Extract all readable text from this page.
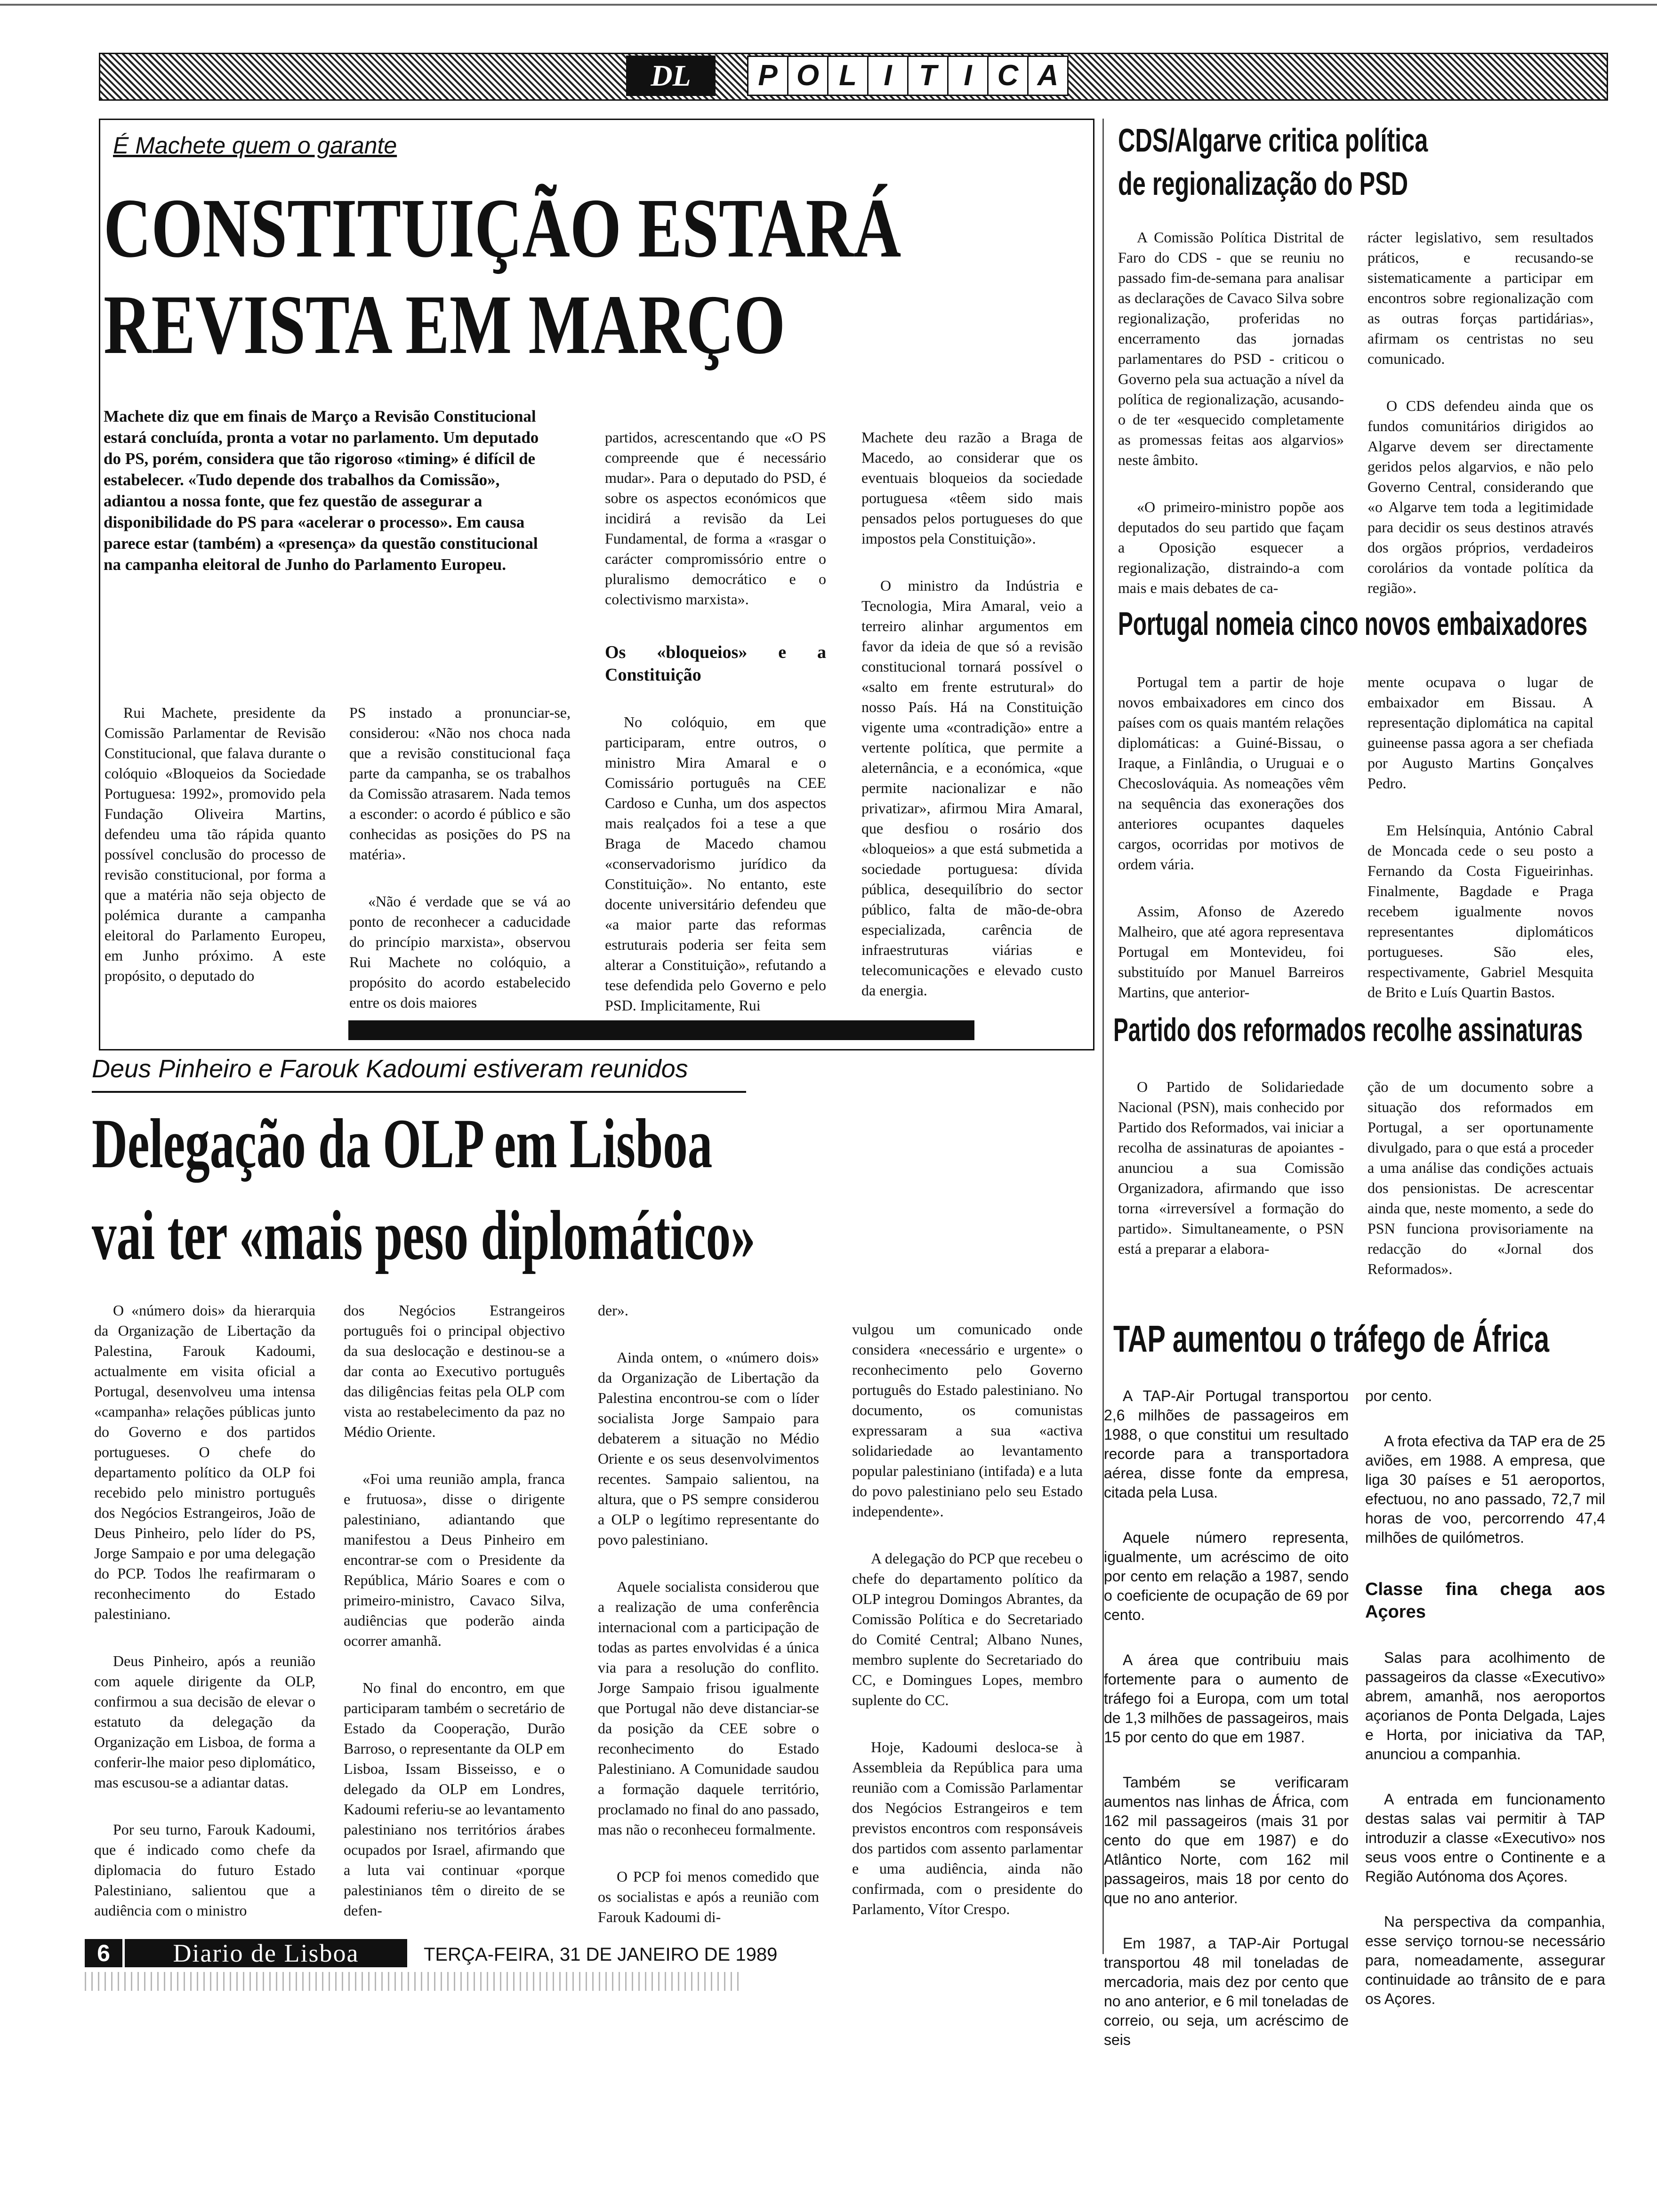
DL	P O L I T I C A
É Machete quem o garante
CONSTITUIÇÃO ESTARÁ
REVISTA EM MARÇO
Machete diz que em finais de Março a Revisão Constitucional estará concluída, pronta a votar no parlamento. Um deputado do PS, porém, considera que tão rigoroso «timing» é difícil de estabelecer. «Tudo depende dos trabalhos da Comissão», adiantou a nossa fonte, que fez questão de assegurar a disponibilidade do PS para «acelerar o processo». Em causa parece estar (também) a «presença» da questão constitucional na campanha eleitoral de Junho do Parlamento Europeu.

Rui Machete, presidente da Comissão Parlamentar de Revisão Constitucional, que falava durante o colóquio «Bloqueios da Sociedade Portuguesa: 1992», promovido pela Fundação Oliveira Martins, defendeu uma tão rápida quanto possível conclusão do processo de revisão constitucional, por forma a que a matéria não seja objecto de polémica durante a campanha eleitoral do Parlamento Europeu, em Junho próximo. A este propósito, o deputado do

PS instado a pronunciar-se, considerou: «Não nos choca nada que a revisão constitucional faça parte da campanha, se os trabalhos da Comissão atrasarem. Nada temos a esconder: o acordo é público e são conhecidas as posições do PS na matéria».

«Não é verdade que se vá ao ponto de reconhecer a caducidade do princípio marxista», observou Rui Machete no colóquio, a propósito do acordo estabelecido entre os dois maiores

partidos, acrescentando que «O PS compreende que é necessário mudar». Para o deputado do PSD, é sobre os aspectos económicos que incidirá a revisão da Lei Fundamental, de forma a «rasgar o carácter compromissório entre o pluralismo democrático e o colectivismo marxista».

Os «bloqueios» e a Constituição

No colóquio, em que participaram, entre outros, o ministro Mira Amaral e o Comissário português na CEE Cardoso e Cunha, um dos aspectos mais realçados foi a tese a que Braga de Macedo chamou «conservadorismo jurídico da Constituição». No entanto, este docente universitário defendeu que «a maior parte das reformas estruturais poderia ser feita sem alterar a Constituição», refutando a tese defendida pelo Governo e pelo PSD. Implicitamente, Rui

Machete deu razão a Braga de Macedo, ao considerar que os eventuais bloqueios da sociedade portuguesa «têem sido mais pensados pelos portugueses do que impostos pela Constituição».

O ministro da Indústria e Tecnologia, Mira Amaral, veio a terreiro alinhar argumentos em favor da ideia de que só a revisão constitucional tornará possível o «salto em frente estrutural» do nosso País. Há na Constituição vigente uma «contradição» entre a vertente política, que permite a aleternância, e a económica, «que permite nacionalizar e não privatizar», afirmou Mira Amaral, que desfiou o rosário dos «bloqueios» a que está submetida a sociedade portuguesa: dívida pública, desequilíbrio do sector público, falta de mão-de-obra especializada, carência de infraestruturas viárias e telecomunicações e elevado custo da energia.

Deus Pinheiro e Farouk Kadoumi estiveram reunidos
Delegação da OLP em Lisboa
vai ter «mais peso diplomático»

O «número dois» da hierarquia da Organização de Libertação da Palestina, Farouk Kadoumi, actualmente em visita oficial a Portugal, desenvolveu uma intensa «campanha» relações públicas junto do Governo e dos partidos portugueses. O chefe do departamento político da OLP foi recebido pelo ministro português dos Negócios Estrangeiros, João de Deus Pinheiro, pelo líder do PS, Jorge Sampaio e por uma delegação do PCP. Todos lhe reafirmaram o reconhecimento do Estado palestiniano.

Deus Pinheiro, após a reunião com aquele dirigente da OLP, confirmou a sua decisão de elevar o estatuto da delegação da Organização em Lisboa, de forma a conferir-lhe maior peso diplomático, mas escusou-se a adiantar datas.

Por seu turno, Farouk Kadoumi, que é indicado como chefe da diplomacia do futuro Estado Palestiniano, salientou que a audiência com o ministro

dos Negócios Estrangeiros português foi o principal objectivo da sua deslocação e destinou-se a dar conta ao Executivo português das diligências feitas pela OLP com vista ao restabelecimento da paz no Médio Oriente.

«Foi uma reunião ampla, franca e frutuosa», disse o dirigente palestiniano, adiantando que manifestou a Deus Pinheiro em encontrar-se com o Presidente da República, Mário Soares e com o primeiro-ministro, Cavaco Silva, audiências que poderão ainda ocorrer amanhã.

No final do encontro, em que participaram também o secretário de Estado da Cooperação, Durão Barroso, o representante da OLP em Lisboa, Issam Bisseisso, e o delegado da OLP em Londres, Kadoumi referiu-se ao levantamento palestiniano nos territórios árabes ocupados por Israel, afirmando que a luta vai continuar «porque palestinianos têm o direito de se defen-

der».

Ainda ontem, o «número dois» da Organização de Libertação da Palestina encontrou-se com o líder socialista Jorge Sampaio para debaterem a situação no Médio Oriente e os seus desenvolvimentos recentes. Sampaio salientou, na altura, que o PS sempre considerou a OLP o legítimo representante do povo palestiniano.

Aquele socialista considerou que a realização de uma conferência internacional com a participação de todas as partes envolvidas é a única via para a resolução do conflito. Jorge Sampaio frisou igualmente que Portugal não deve distanciar-se da posição da CEE sobre o reconhecimento do Estado Palestiniano. A Comunidade saudou a formação daquele território, proclamado no final do ano passado, mas não o reconheceu formalmente.

O PCP foi menos comedido que os socialistas e após a reunião com Farouk Kadoumi di-

vulgou um comunicado onde considera «necessário e urgente» o reconhecimento pelo Governo português do Estado palestiniano. No documento, os comunistas expressaram a sua «activa solidariedade ao levantamento popular palestiniano (intifada) e a luta do povo palestiniano pelo seu Estado independente».

A delegação do PCP que recebeu o chefe do departamento político da OLP integrou Domingos Abrantes, da Comissão Política e do Secretariado do Comité Central; Albano Nunes, membro suplente do Secretariado do CC, e Domingues Lopes, membro suplente do CC.

Hoje, Kadoumi desloca-se à Assembleia da República para uma reunião com a Comissão Parlamentar dos Negócios Estrangeiros e tem previstos encontros com responsáveis dos partidos com assento parlamentar e uma audiência, ainda não confirmada, com o presidente do Parlamento, Vítor Crespo.

CDS/Algarve critica política
de regionalização do PSD

A Comissão Política Distrital de Faro do CDS - que se reuniu no passado fim-de-semana para analisar as declarações de Cavaco Silva sobre regionalização, proferidas no encerramento das jornadas parlamentares do PSD - criticou o Governo pela sua actuação a nível da política de regionalização, acusando-o de ter «esquecido completamente as promessas feitas aos algarvios» neste âmbito.

«O primeiro-ministro popõe aos deputados do seu partido que façam a Oposição esquecer a regionalização, distraindo-a com mais e mais debates de ca-

rácter legislativo, sem resultados práticos, e recusando-se sistematicamente a participar em encontros sobre regionalização com as outras forças partidárias», afirmam os centristas no seu comunicado.

O CDS defendeu ainda que os fundos comunitários dirigidos ao Algarve devem ser directamente geridos pelos algarvios, e não pelo Governo Central, considerando que «o Algarve tem toda a legitimidade para decidir os seus destinos através dos orgãos próprios, verdadeiros corolários da vontade política da região».

Portugal nomeia cinco novos embaixadores

Portugal tem a partir de hoje novos embaixadores em cinco dos países com os quais mantém relações diplomáticas: a Guiné-Bissau, o Iraque, a Finlândia, o Uruguai e o Checoslováquia. As nomeações vêm na sequência das exonerações dos anteriores ocupantes daqueles cargos, ocorridas por motivos de ordem vária.

Assim, Afonso de Azeredo Malheiro, que até agora representava Portugal em Montevideu, foi substituído por Manuel Barreiros Martins, que anterior-

mente ocupava o lugar de embaixador em Bissau. A representação diplomática na capital guineense passa agora a ser chefiada por Augusto Martins Gonçalves Pedro.

Em Helsínquia, António Cabral de Moncada cede o seu posto a Fernando da Costa Figueirinhas. Finalmente, Bagdade e Praga recebem igualmente novos representantes diplomáticos portugueses. São eles, respectivamente, Gabriel Mesquita de Brito e Luís Quartin Bastos.

Partido dos reformados recolhe assinaturas

O Partido de Solidariedade Nacional (PSN), mais conhecido por Partido dos Reformados, vai iniciar a recolha de assinaturas de apoiantes - anunciou a sua Comissão Organizadora, afirmando que isso torna «irreversível a formação do partido». Simultaneamente, o PSN está a preparar a elabora-

ção de um documento sobre a situação dos reformados em Portugal, a ser oportunamente divulgado, para o que está a proceder a uma análise das condições actuais dos pensionistas. De acrescentar ainda que, neste momento, a sede do PSN funciona provisoriamente na redacção do «Jornal dos Reformados».

TAP aumentou o tráfego de África

A TAP-Air Portugal transportou 2,6 milhões de passageiros em 1988, o que constitui um resultado recorde para a transportadora aérea, disse fonte da empresa, citada pela Lusa.

Aquele número representa, igualmente, um acréscimo de oito por cento em relação a 1987, sendo o coeficiente de ocupação de 69 por cento.

A área que contribuiu mais fortemente para o aumento de tráfego foi a Europa, com um total de 1,3 milhões de passageiros, mais 15 por cento do que em 1987.

Também se verificaram aumentos nas linhas de África, com 162 mil passageiros (mais 31 por cento do que em 1987) e do Atlântico Norte, com 162 mil passageiros, mais 18 por cento do que no ano anterior.

Em 1987, a TAP-Air Portugal transportou 48 mil toneladas de mercadoria, mais dez por cento que no ano anterior, e 6 mil toneladas de correio, ou seja, um acréscimo de seis

por cento.

A frota efectiva da TAP era de 25 aviões, em 1988. A empresa, que liga 30 países e 51 aeroportos, efectuou, no ano passado, 72,7 mil horas de voo, percorrendo 47,4 milhões de quilómetros.

Classe fina chega aos Açores

Salas para acolhimento de passageiros da classe «Executivo» abrem, amanhã, nos aeroportos açorianos de Ponta Delgada, Lajes e Horta, por iniciativa da TAP, anunciou a companhia.

A entrada em funcionamento destas salas vai permitir à TAP introduzir a classe «Executivo» nos seus voos entre o Continente e a Região Autónoma dos Açores.

Na perspectiva da companhia, esse serviço tornou-se necessário para, nomeadamente, assegurar continuidade ao trânsito de e para os Açores.

6	Diario de Lisboa	TERÇA-FEIRA, 31 DE JANEIRO DE 1989
